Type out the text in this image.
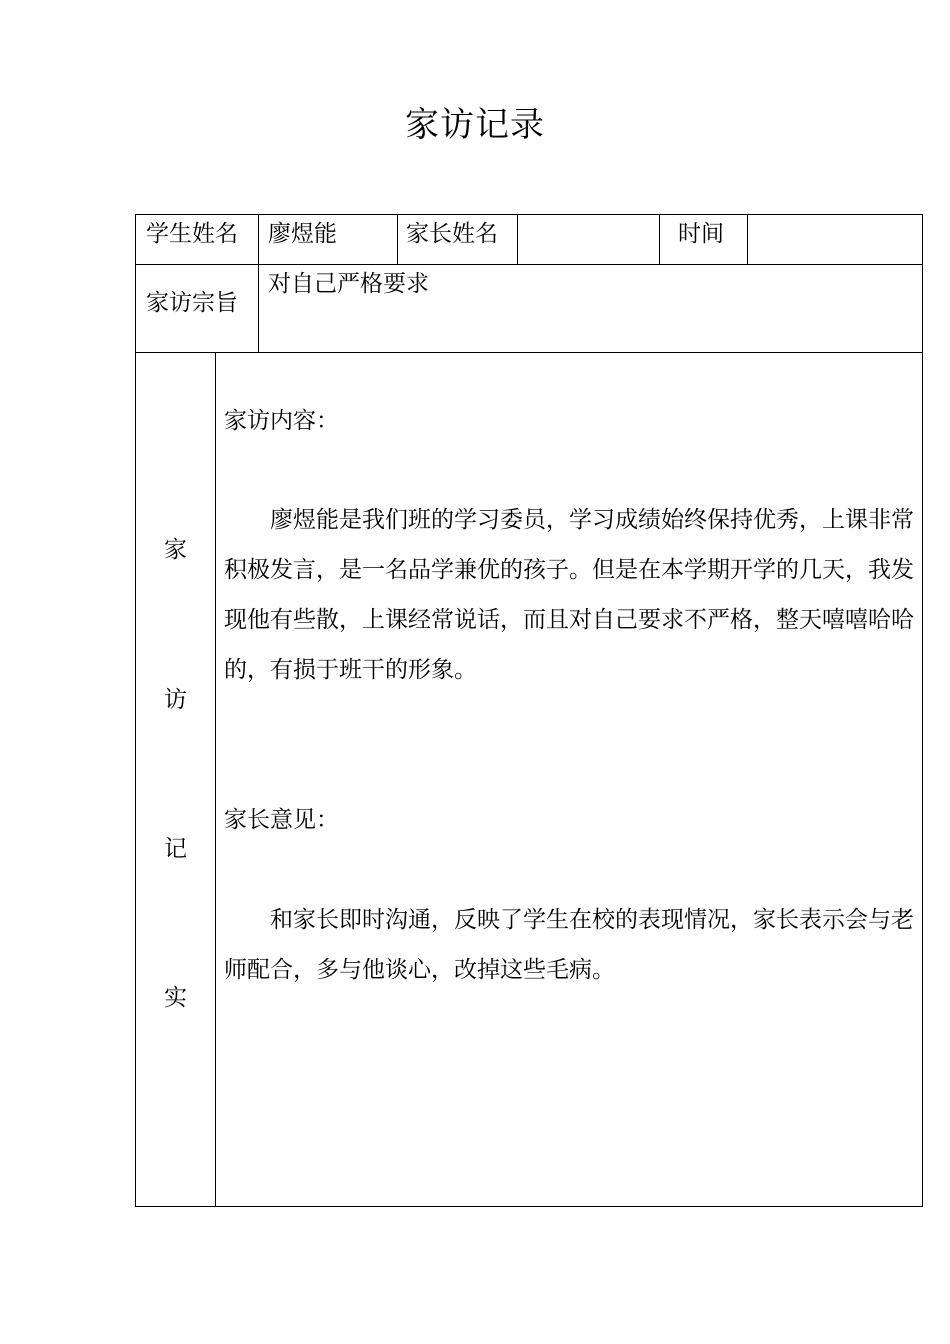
家访记录
学生姓名 廖煜能	家长姓名	时间
家访宗旨
对自己严格要求
家
访
记
实
家访内容：

廖煜能是我们班的学习委员，学习成绩始终保持优秀，上课非常积极发言，是一名品学兼优的孩子。但是在本学期开学的几天，我发现他有些散，上课经常说话，而且对自己要求不严格，整天嘻嘻哈哈的，有损于班干的形象。

家长意见：

和家长即时沟通，反映了学生在校的表现情况，家长表示会与老师配合，多与他谈心，改掉这些毛病。
